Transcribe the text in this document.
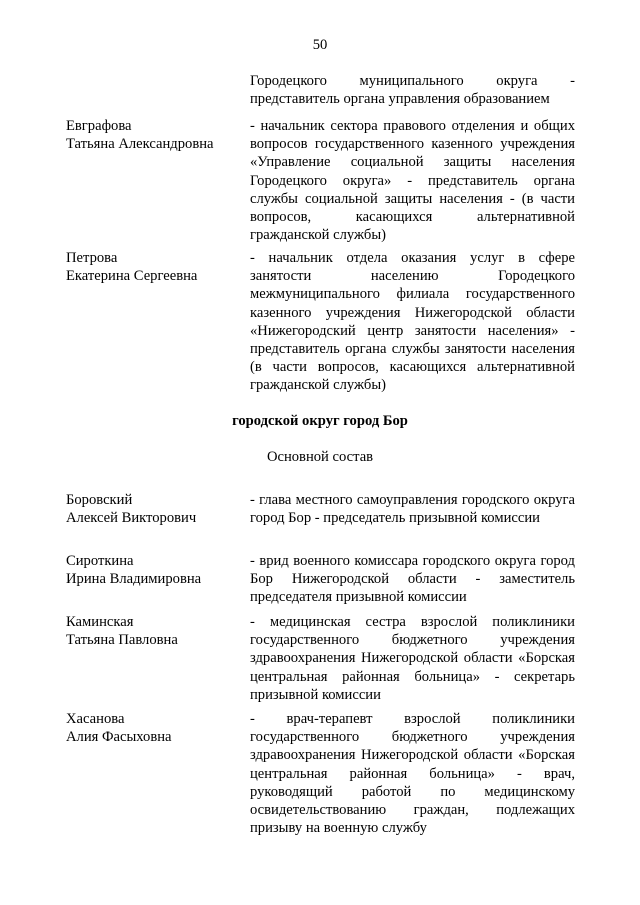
50
Городецкого муниципального округа - представитель органа управления образованием
Евграфова
Татьяна Александровна
- начальник сектора правового отделения и общих вопросов государственного казенного учреждения «Управление социальной защиты населения Городецкого округа» - представитель органа службы социальной защиты населения - (в части вопросов, касающихся альтернативной гражданской службы)
Петрова
Екатерина Сергеевна
- начальник отдела оказания услуг в сфере занятости населению Городецкого межмуниципального филиала государственного казенного учреждения Нижегородской области «Нижегородский центр занятости населения» - представитель органа службы занятости населения (в части вопросов, касающихся альтернативной гражданской службы)
городской округ город Бор
Основной состав
Боровский
Алексей Викторович
- глава местного самоуправления городского округа город Бор - председатель призывной комиссии
Сироткина
Ирина Владимировна
- врид военного комиссара городского округа город Бор Нижегородской области - заместитель председателя призывной комиссии
Каминская
Татьяна Павловна
- медицинская сестра взрослой поликлиники государственного бюджетного учреждения здравоохранения Нижегородской области «Борская центральная районная больница» - секретарь призывной комиссии
Хасанова
Алия Фасыховна
- врач-терапевт взрослой поликлиники государственного бюджетного учреждения здравоохранения Нижегородской области «Борская центральная районная больница» - врач, руководящий работой по медицинскому освидетельствованию граждан, подлежащих призыву на военную службу
